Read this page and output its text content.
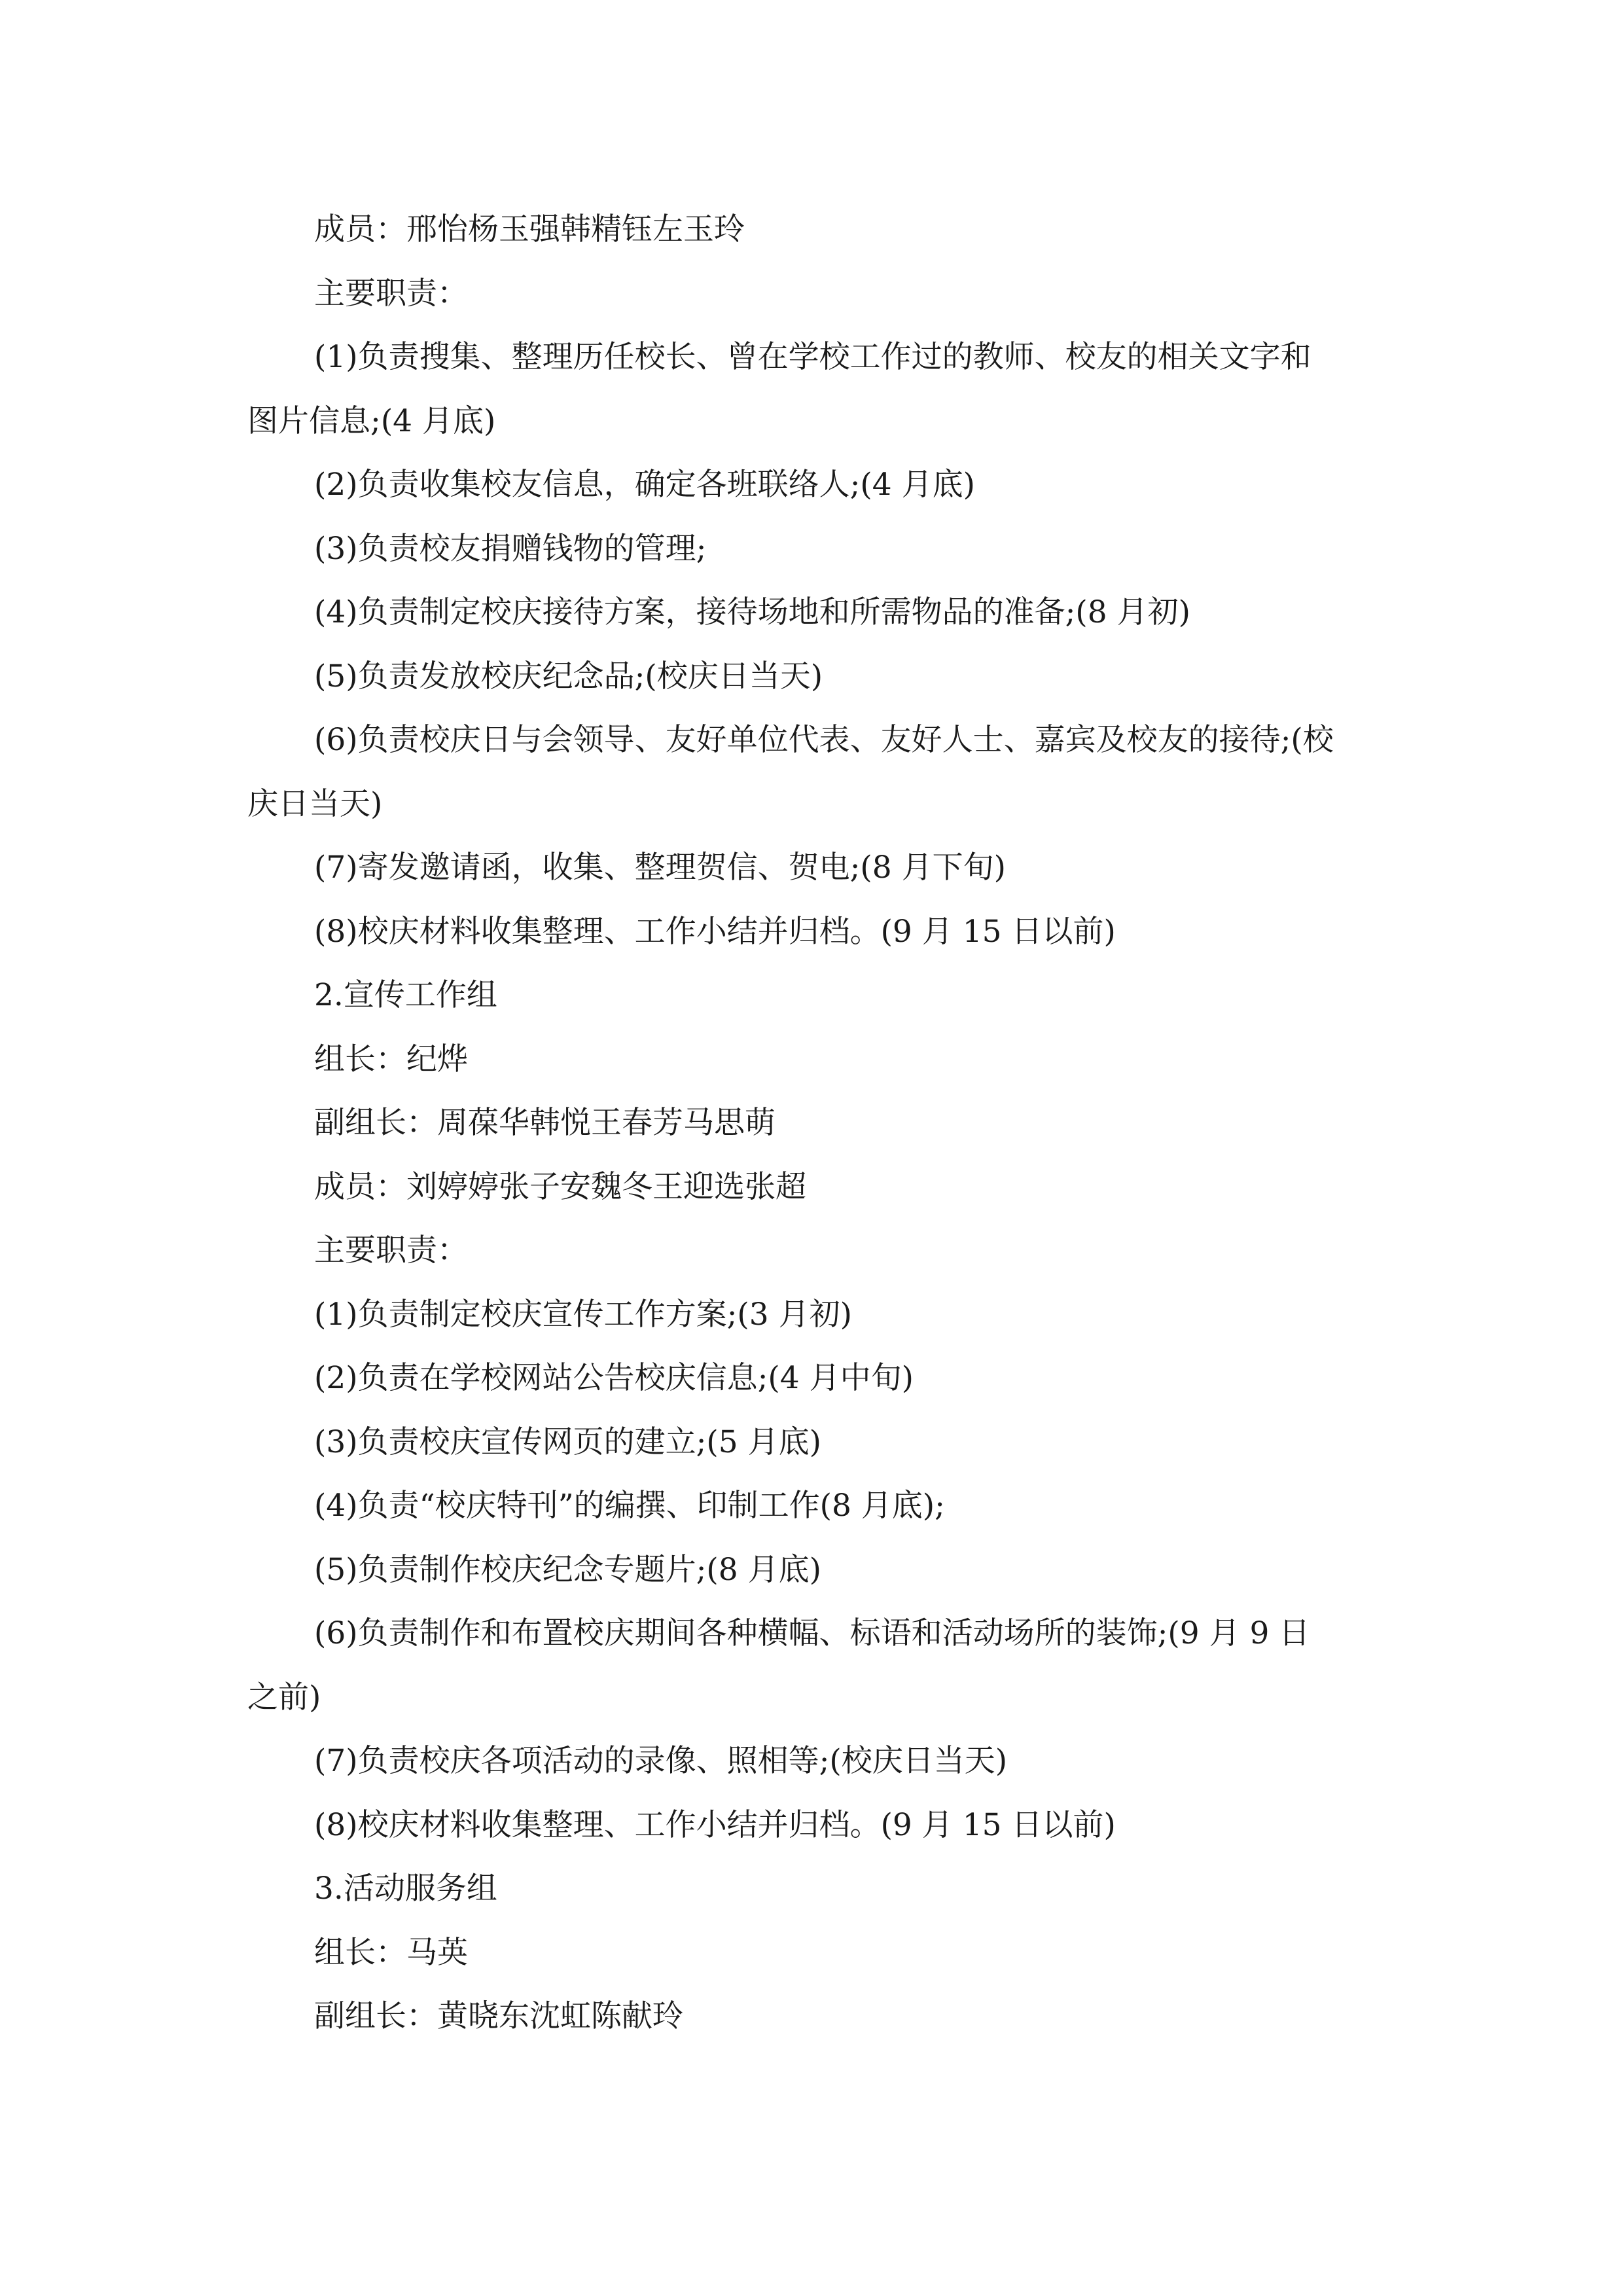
成员：邢怡杨玉强韩精钰左玉玲

主要职责：

(1)负责搜集、整理历任校长、曾在学校工作过的教师、校友的相关文字和

图片信息;(4 月底)

(2)负责收集校友信息，确定各班联络人;(4 月底)

(3)负责校友捐赠钱物的管理;

(4)负责制定校庆接待方案，接待场地和所需物品的准备;(8 月初)

(5)负责发放校庆纪念品;(校庆日当天)

(6)负责校庆日与会领导、友好单位代表、友好人士、嘉宾及校友的接待;(校

庆日当天)

(7)寄发邀请函，收集、整理贺信、贺电;(8 月下旬)

(8)校庆材料收集整理、工作小结并归档。(9 月 15 日以前)

2.宣传工作组

组长：纪烨

副组长：周葆华韩悦王春芳马思萌

成员：刘婷婷张子安魏冬王迎选张超

主要职责：

(1)负责制定校庆宣传工作方案;(3 月初)

(2)负责在学校网站公告校庆信息;(4 月中旬)

(3)负责校庆宣传网页的建立;(5 月底)

(4)负责“校庆特刊”的编撰、印制工作(8 月底);

(5)负责制作校庆纪念专题片;(8 月底)

(6)负责制作和布置校庆期间各种横幅、标语和活动场所的装饰;(9 月 9 日

之前)

(7)负责校庆各项活动的录像、照相等;(校庆日当天)

(8)校庆材料收集整理、工作小结并归档。(9 月 15 日以前)

3.活动服务组

组长：马英

副组长：黄晓东沈虹陈献玲
